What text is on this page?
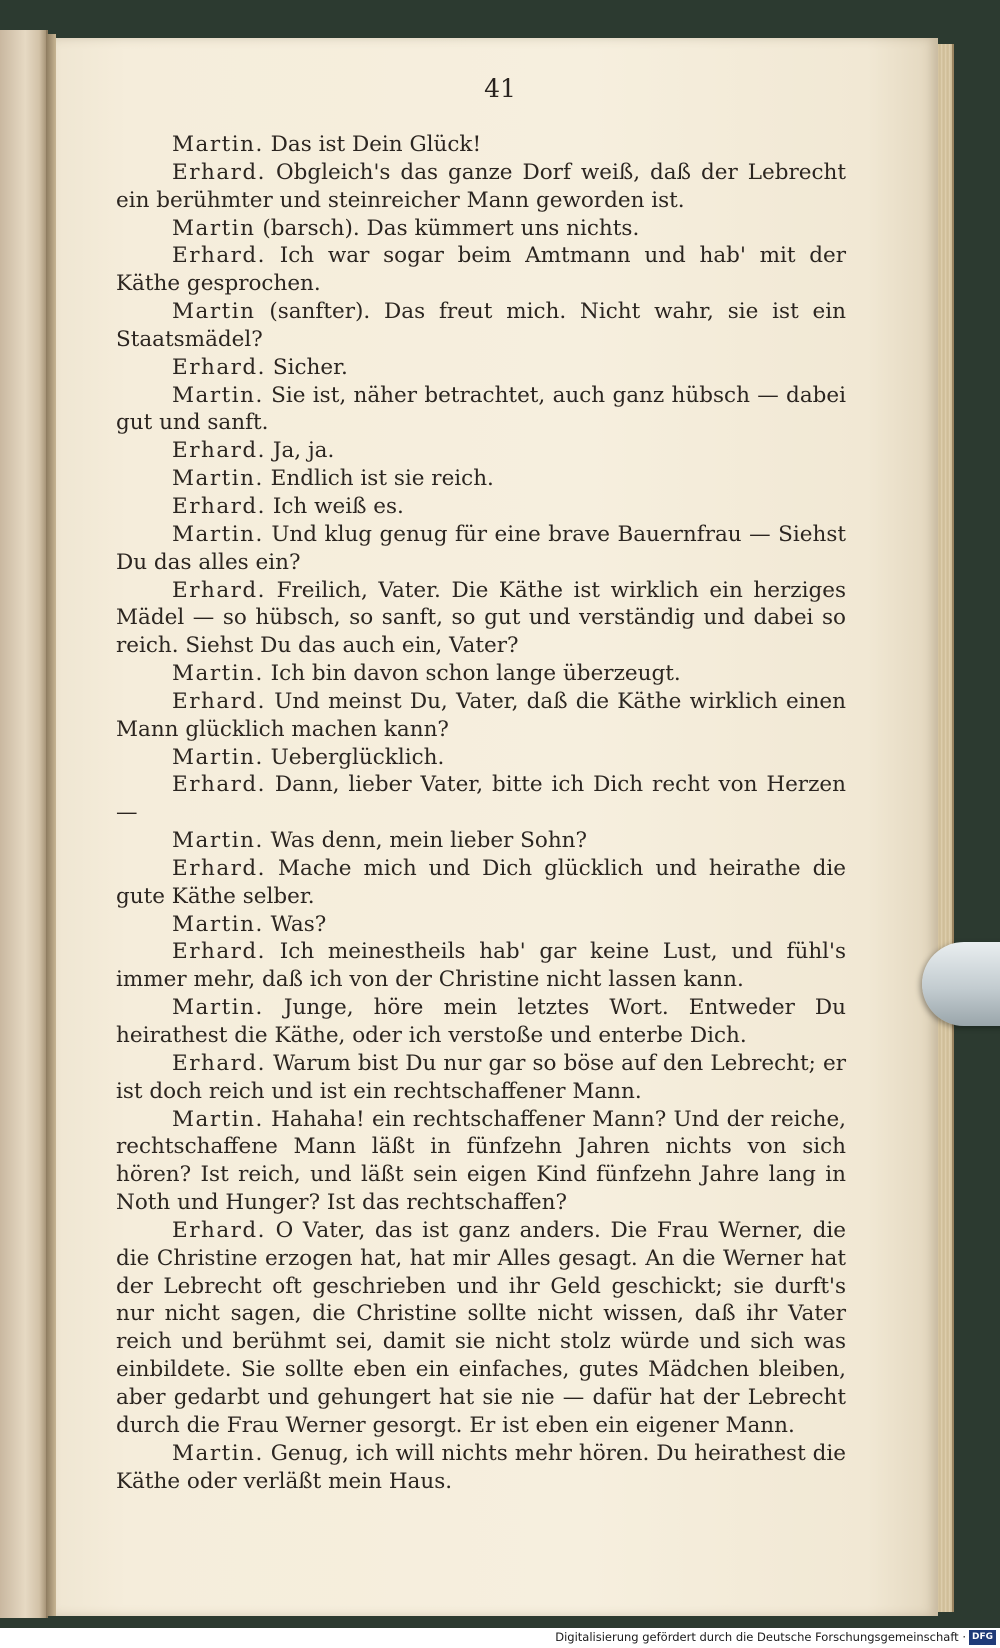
41

Martin. Das ist Dein Glück!

Erhard. Obgleich's das ganze Dorf weiß, daß der Lebrecht ein berühmter und steinreicher Mann geworden ist.

Martin (barsch). Das kümmert uns nichts.

Erhard. Ich war sogar beim Amtmann und hab' mit der Käthe gesprochen.

Martin (sanfter). Das freut mich. Nicht wahr, sie ist ein Staatsmädel?

Erhard. Sicher.

Martin. Sie ist, näher betrachtet, auch ganz hübsch — dabei gut und sanft.

Erhard. Ja, ja.

Martin. Endlich ist sie reich.

Erhard. Ich weiß es.

Martin. Und klug genug für eine brave Bauernfrau — Siehst Du das alles ein?

Erhard. Freilich, Vater. Die Käthe ist wirklich ein herziges Mädel — so hübsch, so sanft, so gut und verständig und dabei so reich. Siehst Du das auch ein, Vater?

Martin. Ich bin davon schon lange überzeugt.

Erhard. Und meinst Du, Vater, daß die Käthe wirklich einen Mann glücklich machen kann?

Martin. Ueberglücklich.

Erhard. Dann, lieber Vater, bitte ich Dich recht von Herzen —

Martin. Was denn, mein lieber Sohn?

Erhard. Mache mich und Dich glücklich und heirathe die gute Käthe selber.

Martin. Was?

Erhard. Ich meinestheils hab' gar keine Lust, und fühl's immer mehr, daß ich von der Christine nicht lassen kann.

Martin. Junge, höre mein letztes Wort. Entweder Du heirathest die Käthe, oder ich verstoße und enterbe Dich.

Erhard. Warum bist Du nur gar so böse auf den Lebrecht; er ist doch reich und ist ein rechtschaffener Mann.

Martin. Hahaha! ein rechtschaffener Mann? Und der reiche, rechtschaffene Mann läßt in fünfzehn Jahren nichts von sich hören? Ist reich, und läßt sein eigen Kind fünfzehn Jahre lang in Noth und Hunger? Ist das rechtschaffen?

Erhard. O Vater, das ist ganz anders. Die Frau Werner, die die Christine erzogen hat, hat mir Alles gesagt. An die Werner hat der Lebrecht oft geschrieben und ihr Geld geschickt; sie durft's nur nicht sagen, die Christine sollte nicht wissen, daß ihr Vater reich und berühmt sei, damit sie nicht stolz würde und sich was einbildete. Sie sollte eben ein einfaches, gutes Mädchen bleiben, aber gedarbt und gehungert hat sie nie — dafür hat der Lebrecht durch die Frau Werner gesorgt. Er ist eben ein eigener Mann.

Martin. Genug, ich will nichts mehr hören. Du heirathest die Käthe oder verläßt mein Haus.

Digitalisierung gefördert durch die Deutsche Forschungsgemeinschaft · DFG
